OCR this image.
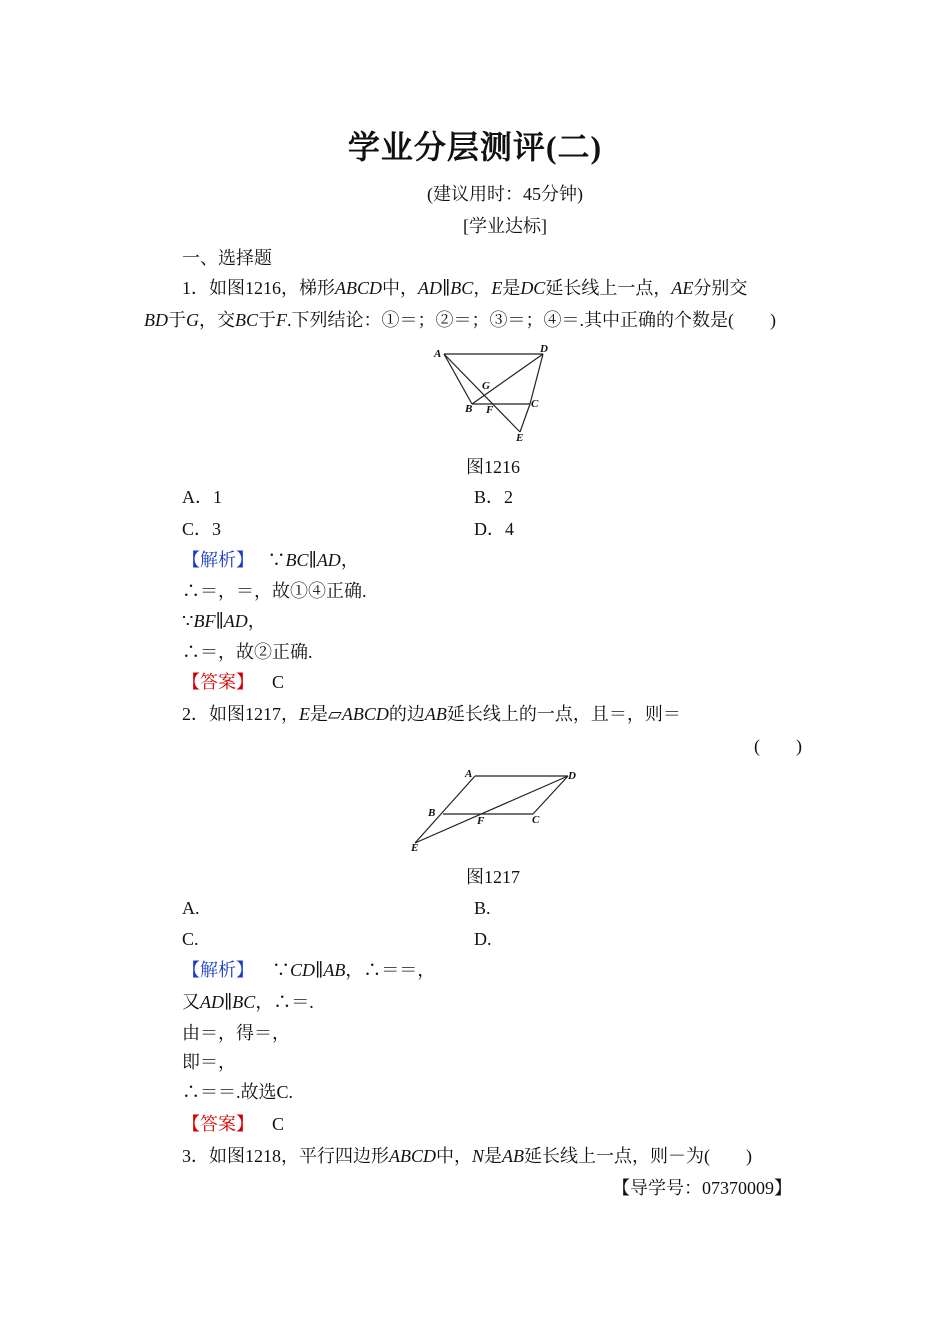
学业分层测评(二)
(建议用时：45分钟)
[学业达标]
一、选择题
1．如图1216，梯形ABCD中，AD∥BC，E是DC延长线上一点，AE分别交
BD于G，交BC于F.下列结论：①＝；②＝；③＝；④＝.其中正确的个数是(　　)
A	D
G
B F	C
E
图1216
A．1	B．2
C．3	D．4
【解析】 ∵BC∥AD，
∴＝，＝，故①④正确.
∵BF∥AD，
∴＝，故②正确.
【答案】 C
2．如图1217，E是▱ABCD的边AB延长线上的一点，且＝，则＝
(　　)
A	D
B
F	C
E
图1217
A.	B.
C.	D.
【解析】 ∵CD∥AB，∴＝＝，
又AD∥BC，∴＝.
由＝，得＝，
即＝，
∴＝＝.故选C.
【答案】 C
3．如图1218，平行四边形ABCD中，N是AB延长线上一点，则－为(　　)
【导学号：07370009】
